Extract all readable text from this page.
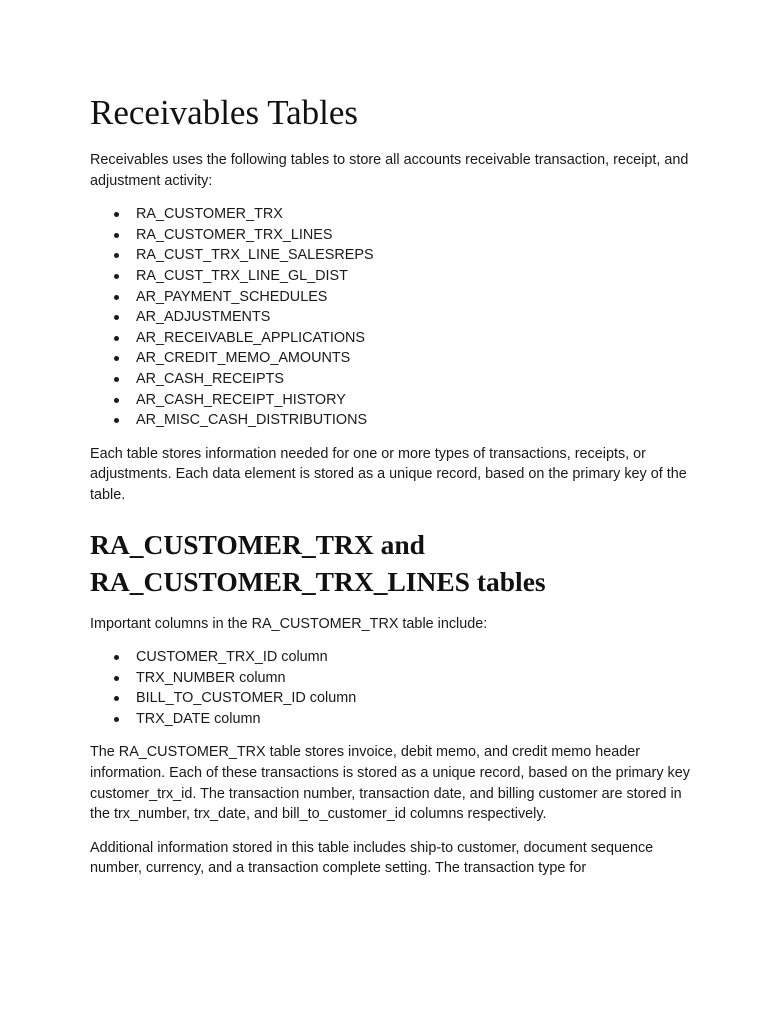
Receivables Tables

Receivables uses the following tables to store all accounts receivable transaction, receipt, and adjustment activity:

RA_CUSTOMER_TRX
RA_CUSTOMER_TRX_LINES
RA_CUST_TRX_LINE_SALESREPS
RA_CUST_TRX_LINE_GL_DIST
AR_PAYMENT_SCHEDULES
AR_ADJUSTMENTS
AR_RECEIVABLE_APPLICATIONS
AR_CREDIT_MEMO_AMOUNTS
AR_CASH_RECEIPTS
AR_CASH_RECEIPT_HISTORY
AR_MISC_CASH_DISTRIBUTIONS

Each table stores information needed for one or more types of transactions, receipts, or adjustments. Each data element is stored as a unique record, based on the primary key of the table.

RA_CUSTOMER_TRX and
RA_CUSTOMER_TRX_LINES tables

Important columns in the RA_CUSTOMER_TRX table include:

CUSTOMER_TRX_ID column
TRX_NUMBER column
BILL_TO_CUSTOMER_ID column
TRX_DATE column

The RA_CUSTOMER_TRX table stores invoice, debit memo, and credit memo header information. Each of these transactions is stored as a unique record, based on the primary key customer_trx_id. The transaction number, transaction date, and billing customer are stored in the trx_number, trx_date, and bill_to_customer_id columns respectively.

Additional information stored in this table includes ship-to customer, document sequence number, currency, and a transaction complete setting. The transaction type for
